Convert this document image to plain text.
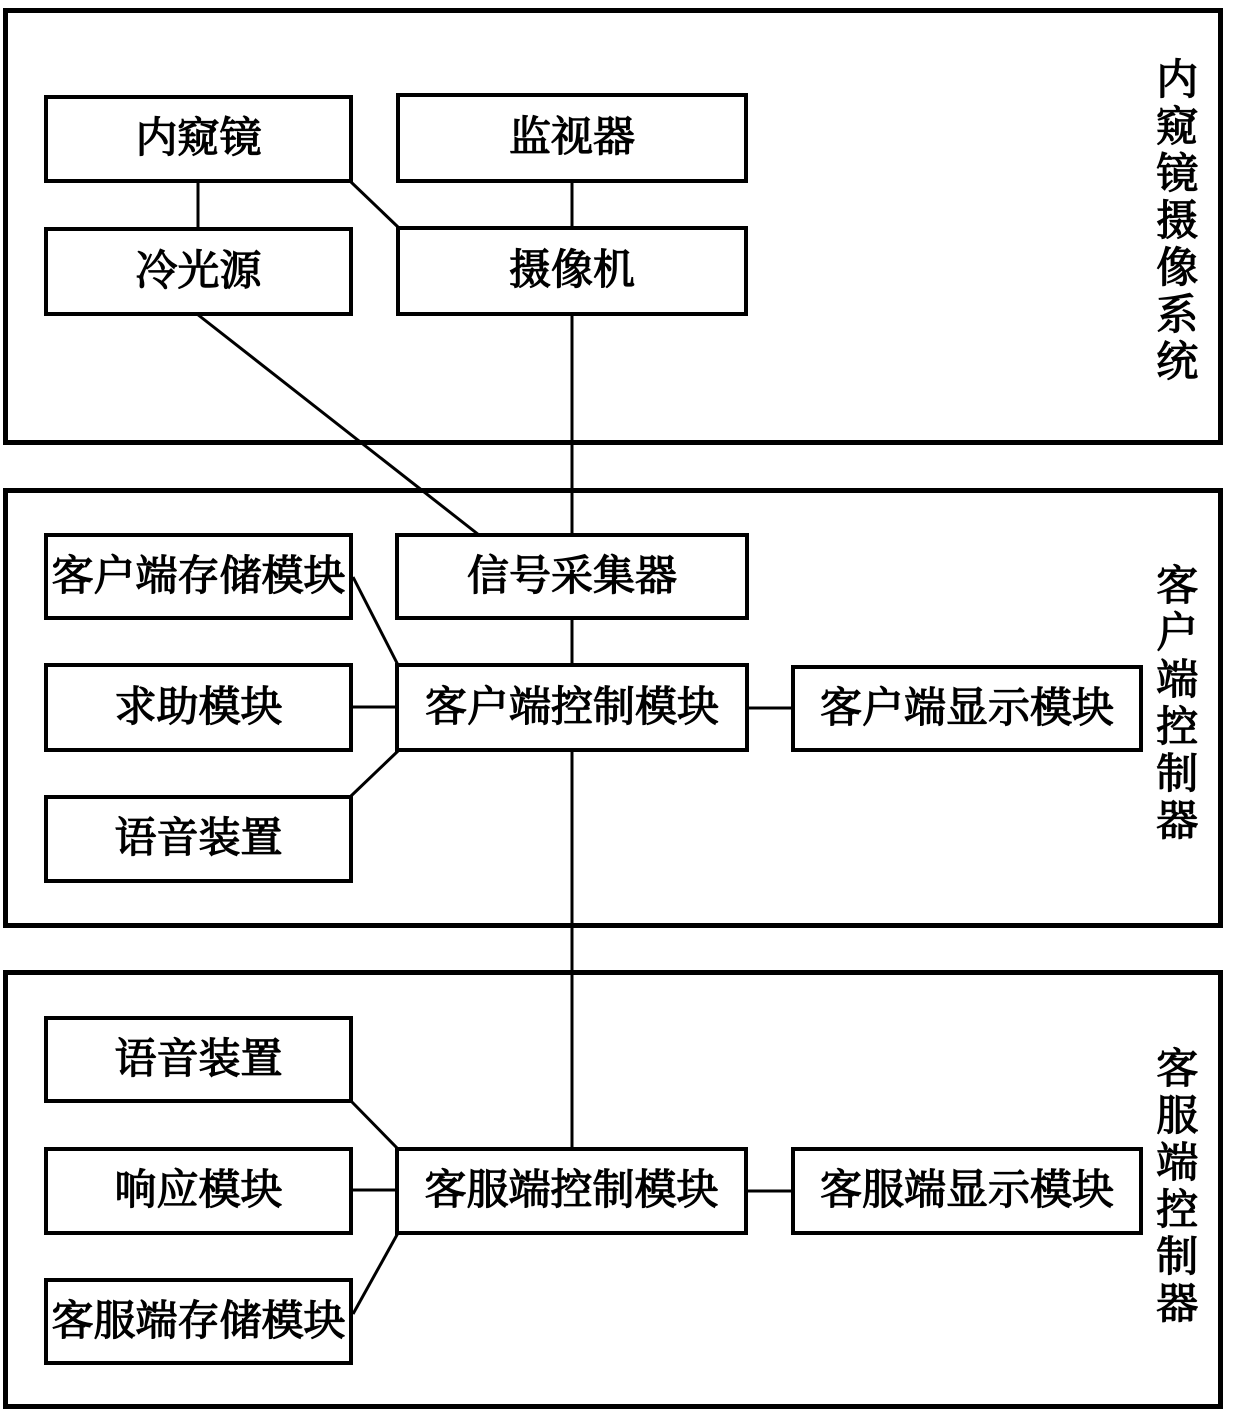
内窥镜摄像系统
客户端控制器
客服端控制器
内窥镜	监视器
冷光源	摄像机
客户端存储模块	信号采集器
求助模块	客户端控制模块	客户端显示模块
语音装置
语音装置
响应模块	客服端控制模块	客服端显示模块
客服端存储模块
